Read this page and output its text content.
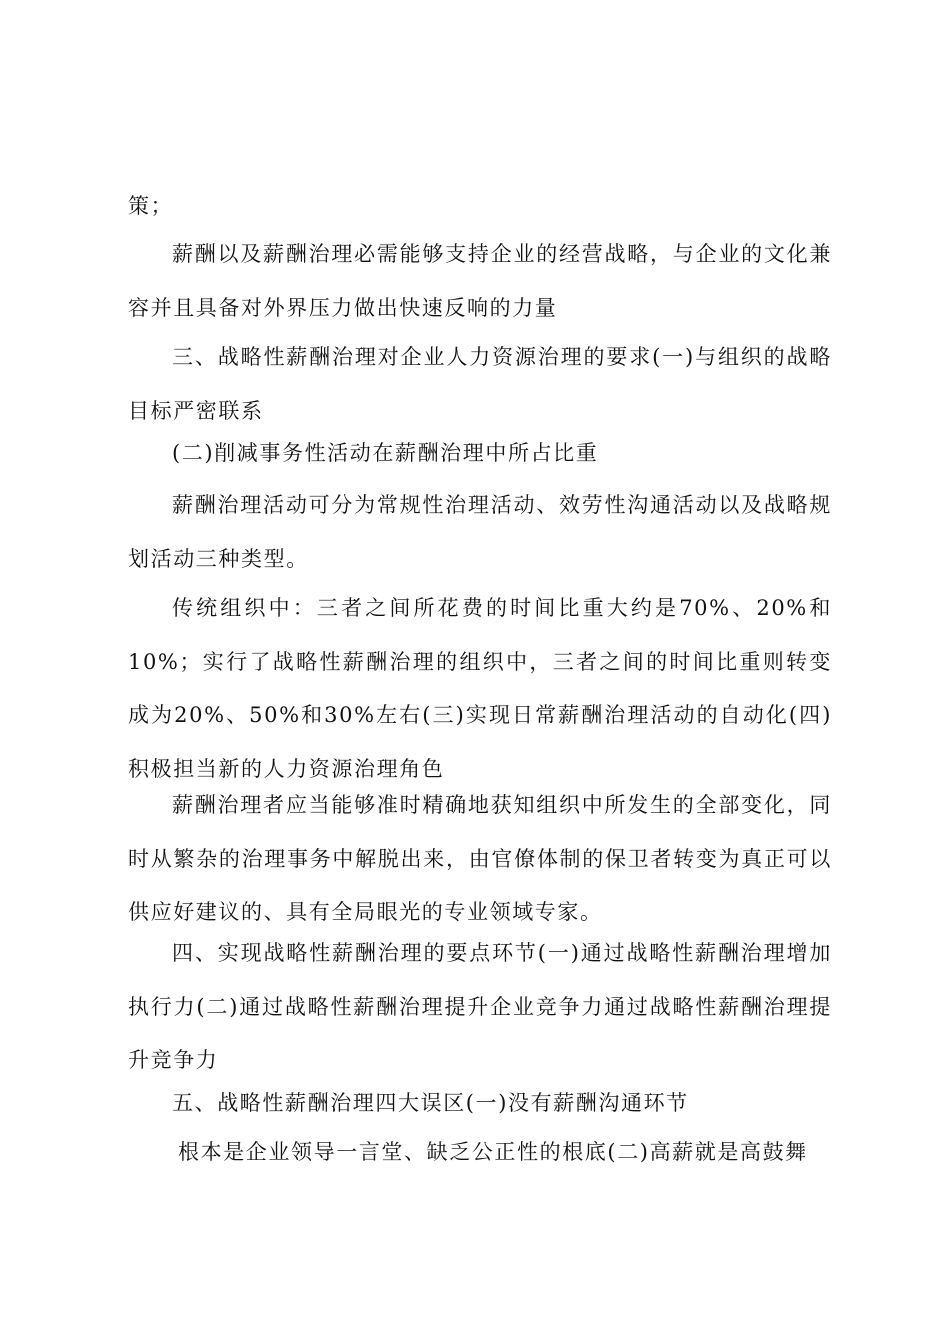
策；

薪酬以及薪酬治理必需能够支持企业的经营战略，与企业的文化兼容并且具备对外界压力做出快速反响的力量

三、战略性薪酬治理对企业人力资源治理的要求(一)与组织的战略目标严密联系

(二)削减事务性活动在薪酬治理中所占比重

薪酬治理活动可分为常规性治理活动、效劳性沟通活动以及战略规划活动三种类型。

传统组织中：三者之间所花费的时间比重大约是70%、20%和10%；实行了战略性薪酬治理的组织中，三者之间的时间比重则转变成为20%、50%和30%左右(三)实现日常薪酬治理活动的自动化(四)积极担当新的人力资源治理角色

薪酬治理者应当能够准时精确地获知组织中所发生的全部变化，同时从繁杂的治理事务中解脱出来，由官僚体制的保卫者转变为真正可以供应好建议的、具有全局眼光的专业领域专家。

四、实现战略性薪酬治理的要点环节(一)通过战略性薪酬治理增加执行力(二)通过战略性薪酬治理提升企业竞争力通过战略性薪酬治理提升竞争力

五、战略性薪酬治理四大误区(一)没有薪酬沟通环节

根本是企业领导一言堂、缺乏公正性的根底(二)高薪就是高鼓舞
